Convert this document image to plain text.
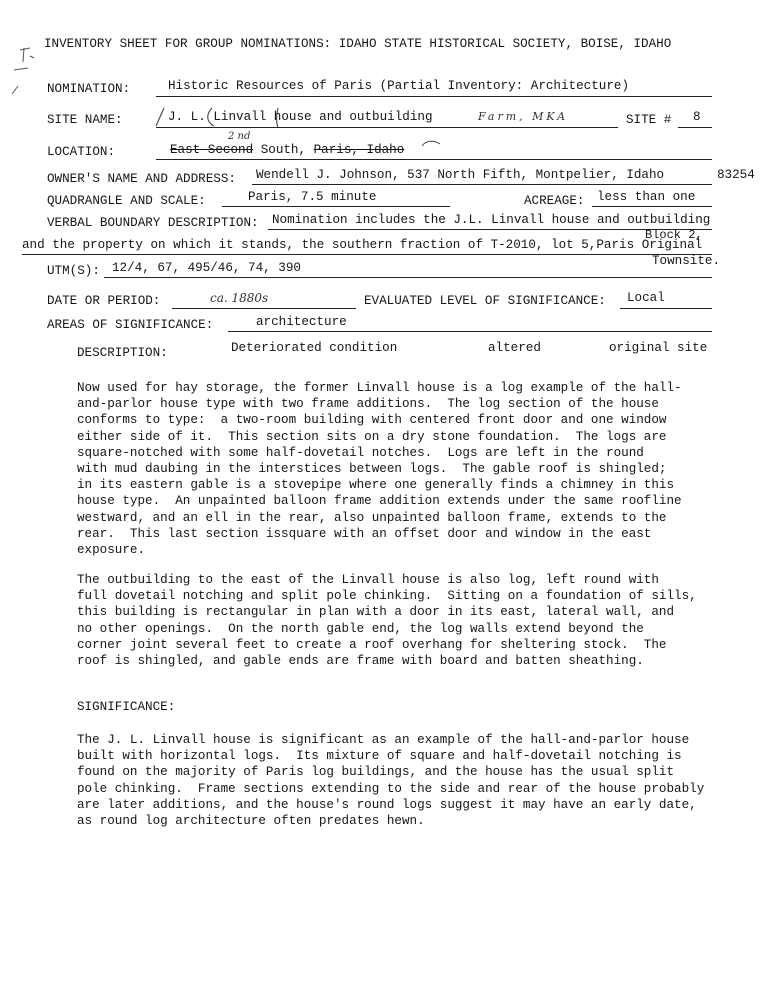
INVENTORY SHEET FOR GROUP NOMINATIONS: IDAHO STATE HISTORICAL SOCIETY, BOISE, IDAHO
NOMINATION:	Historic Resources of Paris (Partial Inventory: Architecture)
SITE NAME:	J. L. Linvall house and outbuilding	Farm, MKA	SITE # 8
LOCATION:
2 nd
East Second South, Paris, Idaho
OWNER'S NAME AND ADDRESS: Wendell J. Johnson, 537 North Fifth, Montpelier, Idaho	83254
QUADRANGLE AND SCALE:	Paris, 7.5 minute	ACREAGE: less than one
VERBAL BOUNDARY DESCRIPTION: Nomination includes the J.L. Linvall house and outbuilding
Block 2,
and the property on which it stands, the southern fraction of T-2010, lot 5,Paris Original
Townsite.
UTM(S): 12/4, 67, 495/46, 74, 390
DATE OR PERIOD:	ca. 1880s	EVALUATED LEVEL OF SIGNIFICANCE: Local
AREAS OF SIGNIFICANCE:	architecture
DESCRIPTION:	Deteriorated condition	altered	original site
Now used for hay storage, the former Linvall house is a log example of the hall-
and-parlor house type with two frame additions.  The log section of the house
conforms to type:  a two-room building with centered front door and one window
either side of it.  This section sits on a dry stone foundation.  The logs are
square-notched with some half-dovetail notches.  Logs are left in the round
with mud daubing in the interstices between logs.  The gable roof is shingled;
in its eastern gable is a stovepipe where one generally finds a chimney in this
house type.  An unpainted balloon frame addition extends under the same roofline
westward, and an ell in the rear, also unpainted balloon frame, extends to the
rear.  This last section issquare with an offset door and window in the east
exposure.
The outbuilding to the east of the Linvall house is also log, left round with
full dovetail notching and split pole chinking.  Sitting on a foundation of sills,
this building is rectangular in plan with a door in its east, lateral wall, and
no other openings.  On the north gable end, the log walls extend beyond the
corner joint several feet to create a roof overhang for sheltering stock.  The
roof is shingled, and gable ends are frame with board and batten sheathing.
SIGNIFICANCE:
The J. L. Linvall house is significant as an example of the hall-and-parlor house
built with horizontal logs.  Its mixture of square and half-dovetail notching is
found on the majority of Paris log buildings, and the house has the usual split
pole chinking.  Frame sections extending to the side and rear of the house probably
are later additions, and the house's round logs suggest it may have an early date,
as round log architecture often predates hewn.
